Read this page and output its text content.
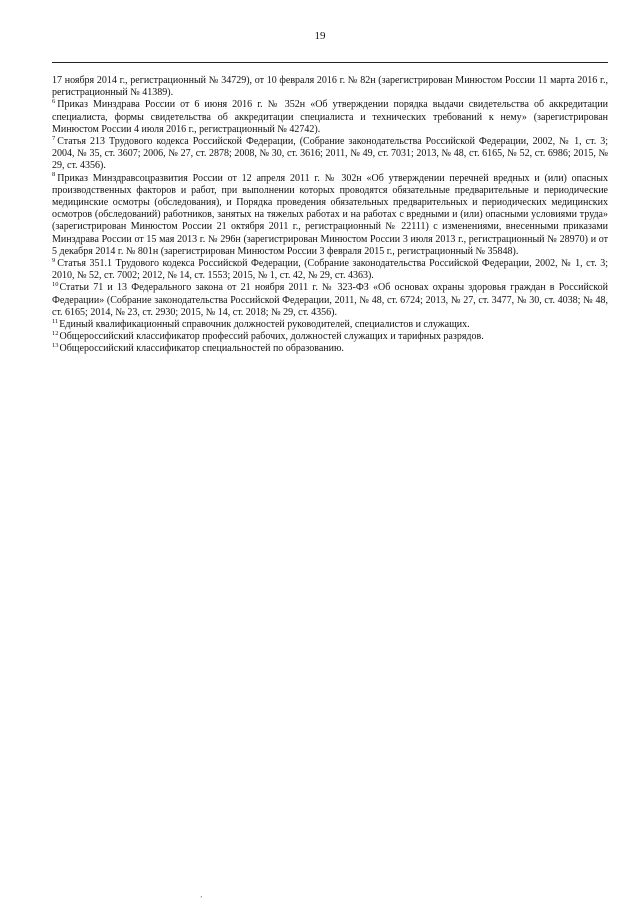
19

17 ноября 2014 г., регистрационный № 34729), от 10 февраля 2016 г. № 82н (зарегистрирован Минюстом России 11 марта 2016 г., регистрационный № 41389).

$^6$ Приказ Минздрава России от 6 июня 2016 г. № 352н «Об утверждении порядка выдачи свидетельства об аккредитации специалиста, формы свидетельства об аккредитации специалиста и технических требований к нему» (зарегистрирован Минюстом России 4 июля 2016 г., регистрационный № 42742).

$^7$ Статья 213 Трудового кодекса Российской Федерации, (Собрание законодательства Российской Федерации, 2002, № 1, ст. 3; 2004, № 35, ст. 3607; 2006, № 27, ст. 2878; 2008, № 30, ст. 3616; 2011, № 49, ст. 7031; 2013, № 48, ст. 6165, № 52, ст. 6986; 2015, № 29, ст. 4356).

$^8$ Приказ Минздравсоцразвития России от 12 апреля 2011 г. № 302н «Об утверждении перечней вредных и (или) опасных производственных факторов и работ, при выполнении которых проводятся обязательные предварительные и периодические медицинские осмотры (обследования), и Порядка проведения обязательных предварительных и периодических медицинских осмотров (обследований) работников, занятых на тяжелых работах и на работах с вредными и (или) опасными условиями труда» (зарегистрирован Минюстом России 21 октября 2011 г., регистрационный № 22111) с изменениями, внесенными приказами Минздрава России от 15 мая 2013 г. № 296н (зарегистрирован Минюстом России 3 июля 2013 г., регистрационный № 28970) и от 5 декабря 2014 г. № 801н (зарегистрирован Минюстом России 3 февраля 2015 г., регистрационный № 35848).

$^9$ Статья 351.1 Трудового кодекса Российской Федерации, (Собрание законодательства Российской Федерации, 2002, № 1, ст. 3; 2010, № 52, ст. 7002; 2012, № 14, ст. 1553; 2015, № 1, ст. 42, № 29, ст. 4363).

$^{10}$Статьи 71 и 13 Федерального закона от 21 ноября 2011 г. № 323-ФЗ «Об основах охраны здоровья граждан в Российской Федерации» (Собрание законодательства Российской Федерации, 2011, № 48, ст. 6724; 2013, № 27, ст. 3477, № 30, ст. 4038; № 48, ст. 6165; 2014, № 23, ст. 2930; 2015, № 14, ст. 2018; № 29, ст. 4356).

$^{11}$Единый квалификационный справочник должностей руководителей, специалистов и служащих.

$^{12}$Общероссийский классификатор профессий рабочих, должностей служащих и тарифных разрядов.

$^{13}$Общероссийский классификатор специальностей по образованию.

ʼ
